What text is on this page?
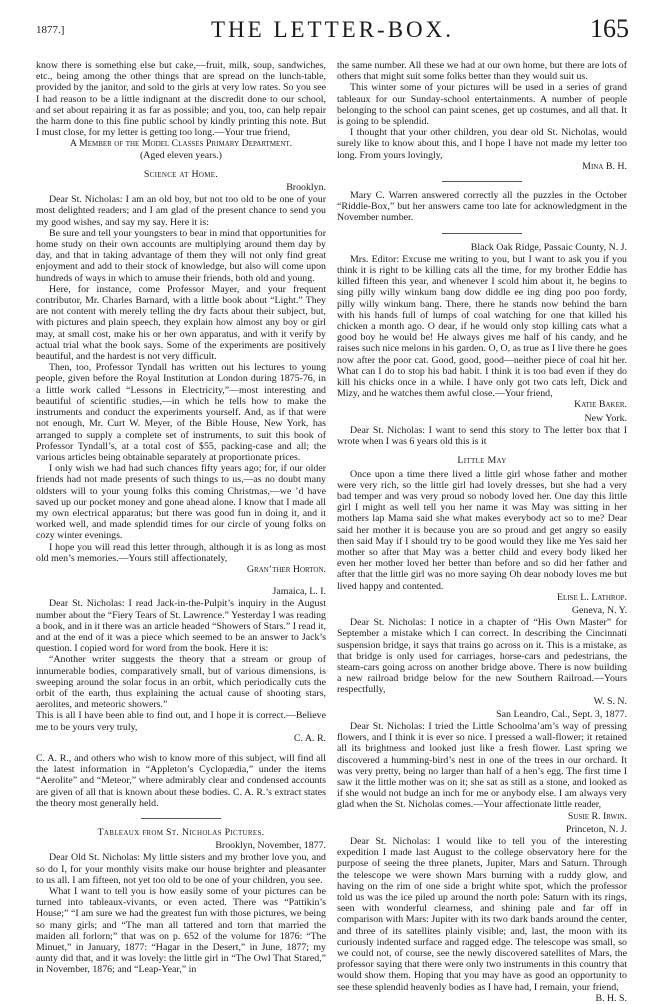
1877.]	THE LETTER-BOX.	165

know there is something else but cake,—fruit, milk, soup, sandwiches, etc., being among the other things that are spread on the lunch-table, provided by the janitor, and sold to the girls at very low rates. So you see I had reason to be a little indignant at the discredit done to our school, and set about repairing it as far as possible; and you, too, can help repair the harm done to this fine public school by kindly printing this note. But I must close, for my letter is getting too long.—Your true friend,

A Member of the Model Classes Primary Department.

(Aged eleven years.)

Science at Home.

Brooklyn.

Dear St. Nicholas: I am an old boy, but not too old to be one of your most delighted readers; and I am glad of the present chance to send you my good wishes, and say my say. Here it is:

Be sure and tell your youngsters to bear in mind that opportunities for home study on their own accounts are multiplying around them day by day, and that in taking advantage of them they will not only find great enjoyment and add to their stock of knowledge, but also will come upon hundreds of ways in which to amuse their friends, both old and young.

Here, for instance, come Professor Mayer, and your frequent contributor, Mr. Charles Barnard, with a little book about “Light.” They are not content with merely telling the dry facts about their subject, but, with pictures and plain speech, they explain how almost any boy or girl may, at small cost, make his or her own apparatus, and with it verify by actual trial what the book says. Some of the experiments are positively beautiful, and the hardest is not very difficult.

Then, too, Professor Tyndall has written out his lectures to young people, given before the Royal Institution at London during 1875-76, in a little work called “Lessons in Electricity,”—most interesting and beautiful of scientific studies,—in which he tells how to make the instruments and conduct the experiments yourself. And, as if that were not enough, Mr. Curt W. Meyer, of the Bible House, New York, has arranged to supply a complete set of instruments, to suit this book of Professor Tyndall’s, at a total cost of $55, packing-case and all; the various articles being obtainable separately at proportionate prices.

I only wish we had had such chances fifty years ago; for, if our older friends had not made presents of such things to us,—as no doubt many oldsters will to your young folks this coming Christmas,—we ’d have saved up our pocket money and gone ahead alone. I know that I made all my own electrical apparatus; but there was good fun in doing it, and it worked well, and made splendid times for our circle of young folks on cozy winter evenings.

I hope you will read this letter through, although it is as long as most old men’s memories.—Yours still affectionately,

Gran’ther Horton.

Jamaica, L. I.

Dear St. Nicholas: I read Jack-in-the-Pulpit’s inquiry in the August number about the “Fiery Tears of St. Lawrence.” Yesterday I was reading a book, and in it there was an article headed “Showers of Stars.” I read it, and at the end of it was a piece which seemed to be an answer to Jack’s question. I copied word for word from the book. Here it is:

“Another writer suggests the theory that a stream or group of innumerable bodies, comparatively small, but of various dimensions, is sweeping around the solar focus in an orbit, which periodically cuts the orbit of the earth, thus explaining the actual cause of shooting stars, aerolites, and meteoric showers.”

This is all I have been able to find out, and I hope it is correct.—Believe me to be yours very truly,

C. A. R.

C. A. R., and others who wish to know more of this subject, will find all the latest information in “Appleton’s Cyclopædia,” under the items “Aerolite” and “Meteor,” where admirably clear and condensed accounts are given of all that is known about these bodies. C. A. R.’s extract states the theory most generally held.

Tableaux from St. Nicholas Pictures.

Brooklyn, November, 1877.

Dear Old St. Nicholas: My little sisters and my brother love you, and so do I, for your monthly visits make our house brighter and pleasanter to us all. I am fifteen, not yet too old to be one of your children, you see.

What I want to tell you is how easily some of your pictures can be turned into tableaux-vivants, or even acted. There was “Pattikin’s House;” “I am sure we had the greatest fun with those pictures, we being so many girls; and “The man all tattered and torn that married the maiden all forlorn;” that was on p. 652 of the volume for 1876: “The Minuet,” in January, 1877: “Hagar in the Desert,” in June, 1877; my aunty did that, and it was lovely: the little girl in “The Owl That Stared,” in November, 1876; and “Leap-Year,” in

the same number. All these we had at our own home, but there are lots of others that might suit some folks better than they would suit us.

This winter some of your pictures will be used in a series of grand tableaux for our Sunday-school entertainments. A number of people belonging to the school can paint scenes, get up costumes, and all that. It is going to be splendid.

I thought that your other children, you dear old St. Nicholas, would surely like to know about this, and I hope I have not made my letter too long. From yours lovingly,

Mina B. H.

Mary C. Warren answered correctly all the puzzles in the October “Riddle-Box,” but her answers came too late for acknowledgment in the November number.

Black Oak Ridge, Passaic County, N. J.

Mrs. Editor: Excuse me writing to you, but I want to ask you if you think it is right to be killing cats all the time, for my brother Eddie has killed fifteen this year, and whenever I scold him about it, he begins to sing pilly willy winkum bang dow diddle ee ing ding poo poo fordy, pilly willy winkum bang. There, there he stands now behind the barn with his hands full of lumps of coal watching for one that killed his chicken a month ago. O dear, if he would only stop killing cats what a good boy he would be! He always gives me half of his candy, and he raises such nice melons in his garden. O, O, as true as I live there he goes now after the poor cat. Good, good, good—neither piece of coal hit her. What can I do to stop his bad habit. I think it is too bad even if they do kill his chicks once in a while. I have only got two cats left, Dick and Mizy, and he watches them awful close.—Your friend,

Katie Baker.

New York.

Dear St. Nicholas: I want to send this story to The letter box that I wrote when I was 6 years old this is it

Little May

Once upon a time there lived a little girl whose father and mother were very rich, so the little girl had lovely dresses, but she had a very bad temper and was very proud so nobody loved her. One day this little girl I might as well tell you her name it was May was sitting in her mothers lap Mama said she what makes everybody act so to me? Dear said her mother it is because you are so proud and get angry so easily then said May if I should try to be good would they like me Yes said her mother so after that May was a better child and every body liked her even her mother loved her better than before and so did her father and after that the little girl was no more saying Oh dear nobody loves me but lived happy and contented.

Elise L. Lathrop.

Geneva, N. Y.

Dear St. Nicholas: I notice in a chapter of “His Own Master” for September a mistake which I can correct. In describing the Cincinnati suspension bridge, it says that trains go across on it. This is a mistake, as that bridge is only used for carriages, horse-cars and pedestrians, the steam-cars going across on another bridge above. There is now building a new railroad bridge below for the new Southern Railroad.—Yours respectfully,

W. S. N.

San Leandro, Cal., Sept. 3, 1877.

Dear St. Nicholas: I tried the Little Schoolma’am’s way of pressing flowers, and I think it is ever so nice. I pressed a wall-flower; it retained all its brightness and looked just like a fresh flower. Last spring we discovered a humming-bird’s nest in one of the trees in our orchard. It was very pretty, being no larger than half of a hen’s egg. The first time I saw it the little mother was on it; she sat as still as a stone, and looked as if she would not budge an inch for me or anybody else. I am always very glad when the St. Nicholas comes.—Your affectionate little reader,

Susie R. Irwin.

Princeton, N. J.

Dear St. Nicholas: I would like to tell you of the interesting expedition I made last August to the college observatory here for the purpose of seeing the three planets, Jupiter, Mars and Saturn. Through the telescope we were shown Mars burning with a ruddy glow, and having on the rim of one side a bright white spot, which the professor told us was the ice piled up around the north pole: Saturn with its rings, seen with wonderful clearness, and shining pale and far off in comparison with Mars: Jupiter with its two dark bands around the center, and three of its satellites plainly visible; and, last, the moon with its curiously indented surface and ragged edge. The telescope was small, so we could not, of course, see the newly discovered satellites of Mars, the professor saying that there were only two instruments in this country that would show them. Hoping that you may have as good an opportunity to see these splendid heavenly bodies as I have had, I remain, your friend,

B. H. S.
